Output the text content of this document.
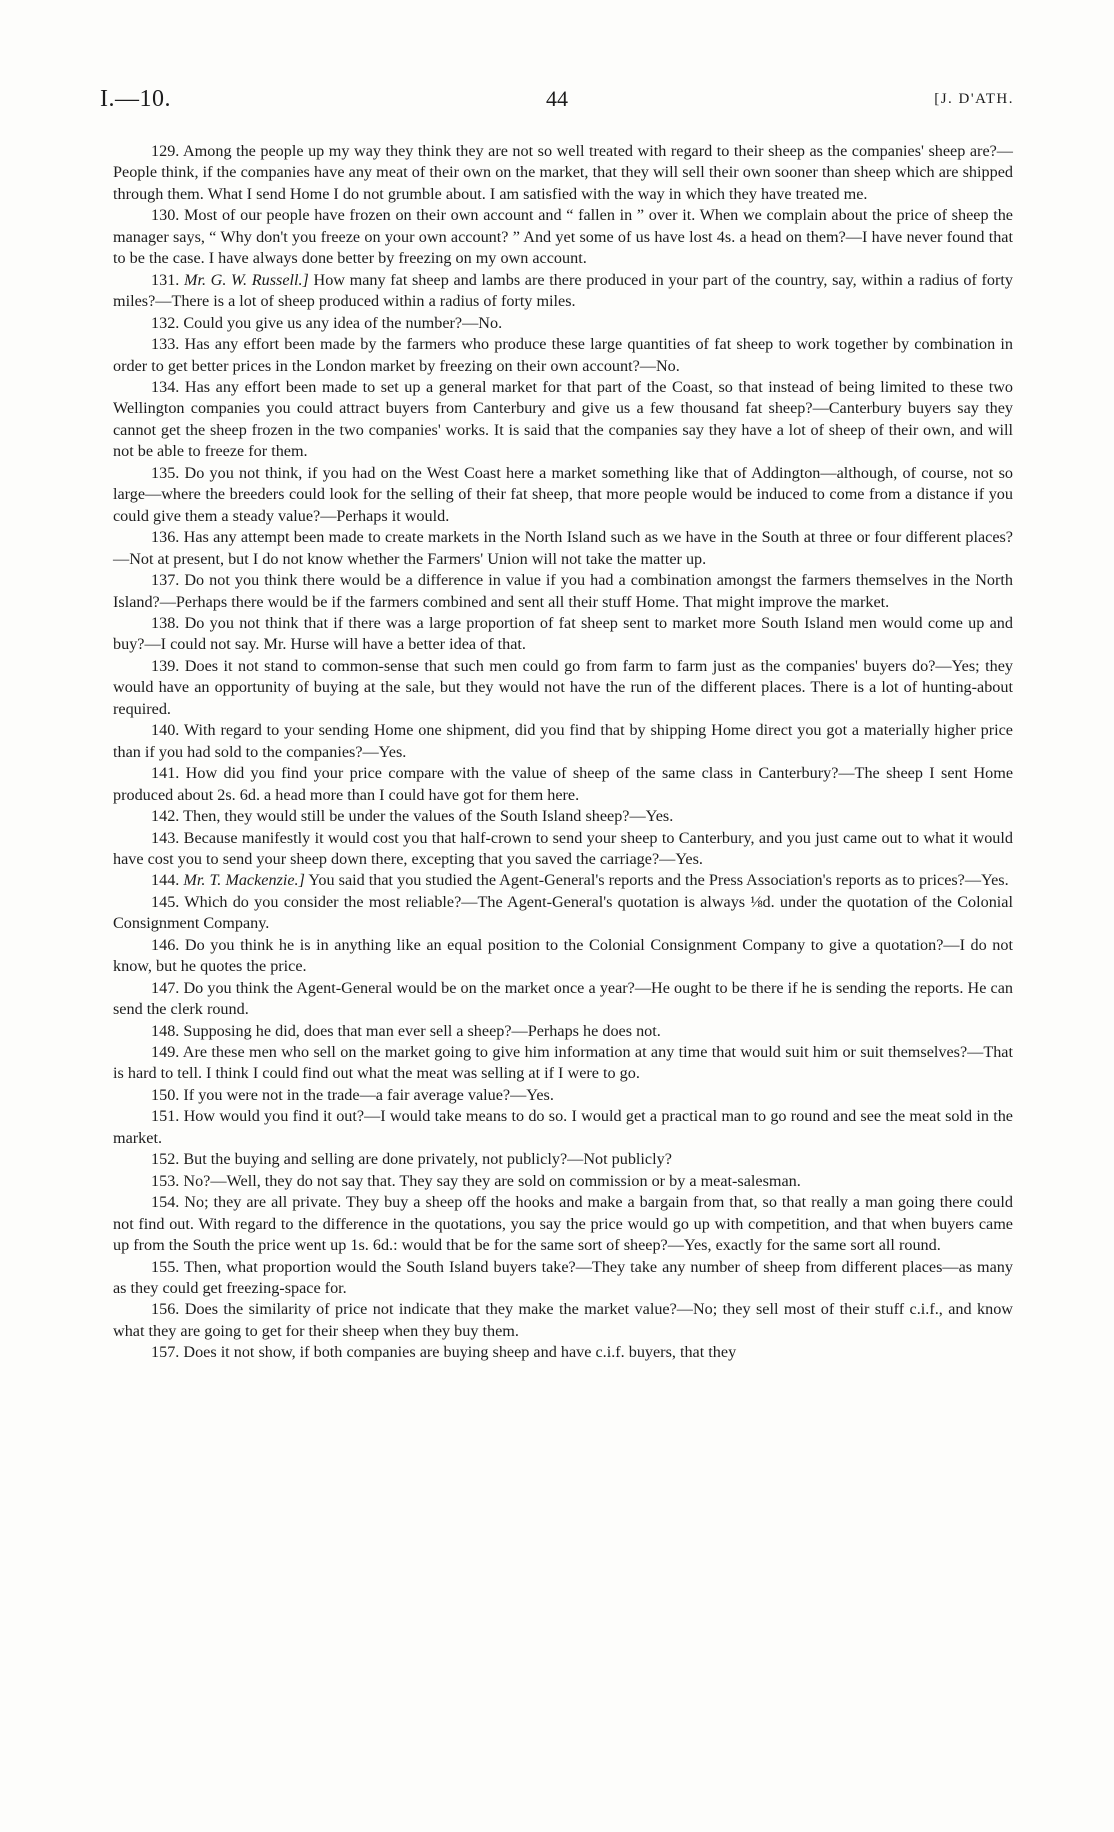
I.—10.	44	[J. D'ATH.

129. Among the people up my way they think they are not so well treated with regard to their sheep as the companies' sheep are?—People think, if the companies have any meat of their own on the market, that they will sell their own sooner than sheep which are shipped through them. What I send Home I do not grumble about. I am satisfied with the way in which they have treated me.

130. Most of our people have frozen on their own account and “ fallen in ” over it. When we complain about the price of sheep the manager says, “ Why don't you freeze on your own account? ” And yet some of us have lost 4s. a head on them?—I have never found that to be the case. I have always done better by freezing on my own account.

131. Mr. G. W. Russell.] How many fat sheep and lambs are there produced in your part of the country, say, within a radius of forty miles?—There is a lot of sheep produced within a radius of forty miles.

132. Could you give us any idea of the number?—No.

133. Has any effort been made by the farmers who produce these large quantities of fat sheep to work together by combination in order to get better prices in the London market by freezing on their own account?—No.

134. Has any effort been made to set up a general market for that part of the Coast, so that instead of being limited to these two Wellington companies you could attract buyers from Canterbury and give us a few thousand fat sheep?—Canterbury buyers say they cannot get the sheep frozen in the two companies' works. It is said that the companies say they have a lot of sheep of their own, and will not be able to freeze for them.

135. Do you not think, if you had on the West Coast here a market something like that of Addington—although, of course, not so large—where the breeders could look for the selling of their fat sheep, that more people would be induced to come from a distance if you could give them a steady value?—Perhaps it would.

136. Has any attempt been made to create markets in the North Island such as we have in the South at three or four different places?—Not at present, but I do not know whether the Farmers' Union will not take the matter up.

137. Do not you think there would be a difference in value if you had a combination amongst the farmers themselves in the North Island?—Perhaps there would be if the farmers combined and sent all their stuff Home. That might improve the market.

138. Do you not think that if there was a large proportion of fat sheep sent to market more South Island men would come up and buy?—I could not say. Mr. Hurse will have a better idea of that.

139. Does it not stand to common-sense that such men could go from farm to farm just as the companies' buyers do?—Yes; they would have an opportunity of buying at the sale, but they would not have the run of the different places. There is a lot of hunting-about required.

140. With regard to your sending Home one shipment, did you find that by shipping Home direct you got a materially higher price than if you had sold to the companies?—Yes.

141. How did you find your price compare with the value of sheep of the same class in Canterbury?—The sheep I sent Home produced about 2s. 6d. a head more than I could have got for them here.

142. Then, they would still be under the values of the South Island sheep?—Yes.

143. Because manifestly it would cost you that half-crown to send your sheep to Canterbury, and you just came out to what it would have cost you to send your sheep down there, excepting that you saved the carriage?—Yes.

144. Mr. T. Mackenzie.] You said that you studied the Agent-General's reports and the Press Association's reports as to prices?—Yes.

145. Which do you consider the most reliable?—The Agent-General's quotation is always ⅛d. under the quotation of the Colonial Consignment Company.

146. Do you think he is in anything like an equal position to the Colonial Consignment Company to give a quotation?—I do not know, but he quotes the price.

147. Do you think the Agent-General would be on the market once a year?—He ought to be there if he is sending the reports. He can send the clerk round.

148. Supposing he did, does that man ever sell a sheep?—Perhaps he does not.

149. Are these men who sell on the market going to give him information at any time that would suit him or suit themselves?—That is hard to tell. I think I could find out what the meat was selling at if I were to go.

150. If you were not in the trade—a fair average value?—Yes.

151. How would you find it out?—I would take means to do so. I would get a practical man to go round and see the meat sold in the market.

152. But the buying and selling are done privately, not publicly?—Not publicly?

153. No?—Well, they do not say that. They say they are sold on commission or by a meat-salesman.

154. No; they are all private. They buy a sheep off the hooks and make a bargain from that, so that really a man going there could not find out. With regard to the difference in the quotations, you say the price would go up with competition, and that when buyers came up from the South the price went up 1s. 6d.: would that be for the same sort of sheep?—Yes, exactly for the same sort all round.

155. Then, what proportion would the South Island buyers take?—They take any number of sheep from different places—as many as they could get freezing-space for.

156. Does the similarity of price not indicate that they make the market value?—No; they sell most of their stuff c.i.f., and know what they are going to get for their sheep when they buy them.

157. Does it not show, if both companies are buying sheep and have c.i.f. buyers, that they
